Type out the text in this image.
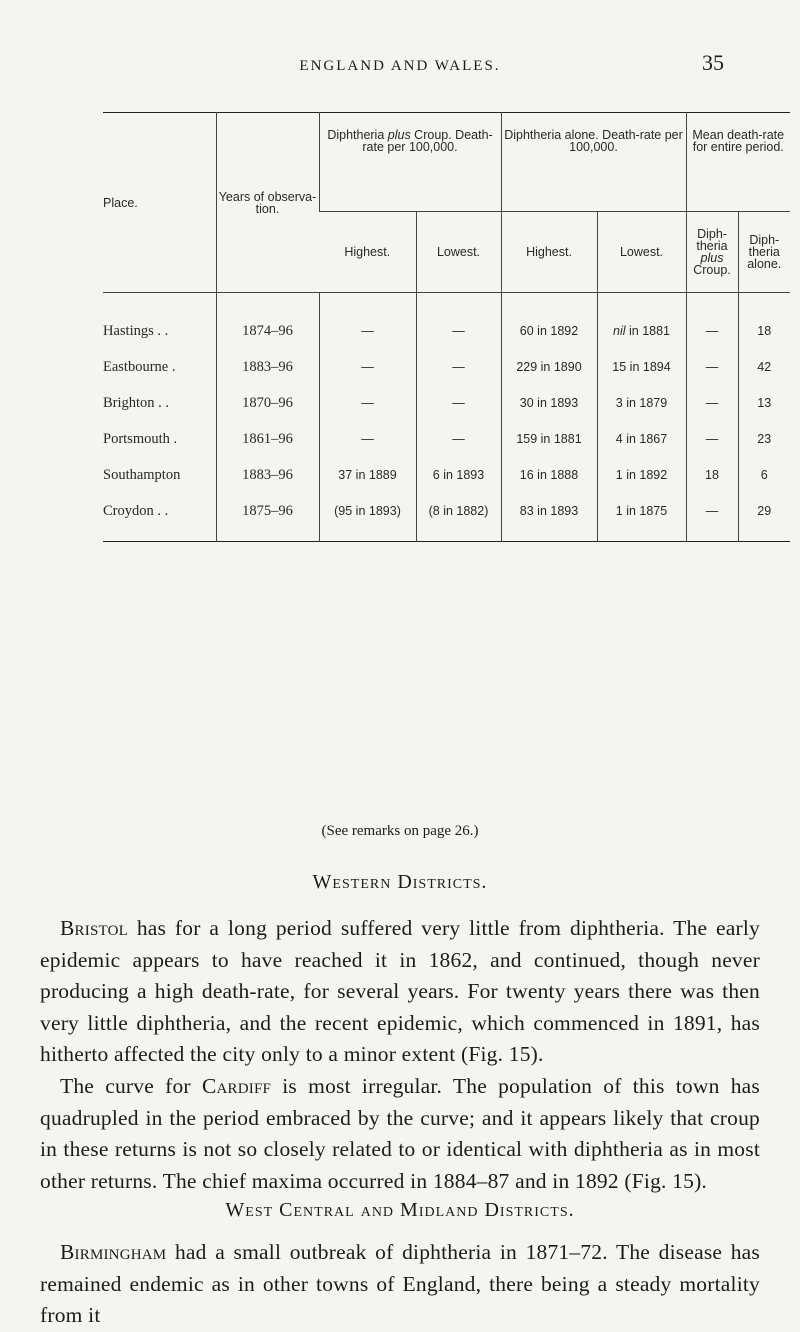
ENGLAND AND WALES.	35
Place.	Years of observa-tion.	Diphtheria plus Croup. Death-rate per 100,000.		Diphtheria alone. Death-rate per 100,000.		Mean death-rate for entire period.	
		Highest.	Lowest.	Highest.	Lowest.	Diph-theria plus Croup.	Diph-theria alone.
Hastings . .	1874–96	—	—	60 in 1892	nil in 1881	—	18
Eastbourne .	1883–96	—	—	229 in 1890	15 in 1894	—	42
Brighton . .	1870–96	—	—	30 in 1893	3 in 1879	—	13
Portsmouth .	1861–96	—	—	159 in 1881	4 in 1867	—	23
Southampton	1883–96	37 in 1889	6 in 1893	16 in 1888	1 in 1892	18	6
Croydon . .	1875–96	(95 in 1893)	(8 in 1882)	83 in 1893	1 in 1875	—	29
(See remarks on page 26.)
Western Districts.

Bristol has for a long period suffered very little from diphtheria. The early epidemic appears to have reached it in 1862, and continued, though never producing a high death-rate, for several years. For twenty years there was then very little diphtheria, and the recent epidemic, which commenced in 1891, has hitherto affected the city only to a minor extent (Fig. 15).

The curve for Cardiff is most irregular. The population of this town has quadrupled in the period embraced by the curve; and it appears likely that croup in these returns is not so closely related to or identical with diphtheria as in most other returns. The chief maxima occurred in 1884–87 and in 1892 (Fig. 15).

West Central and Midland Districts.

Birmingham had a small outbreak of diphtheria in 1871–72. The disease has remained endemic as in other towns of England, there being a steady mortality from it
